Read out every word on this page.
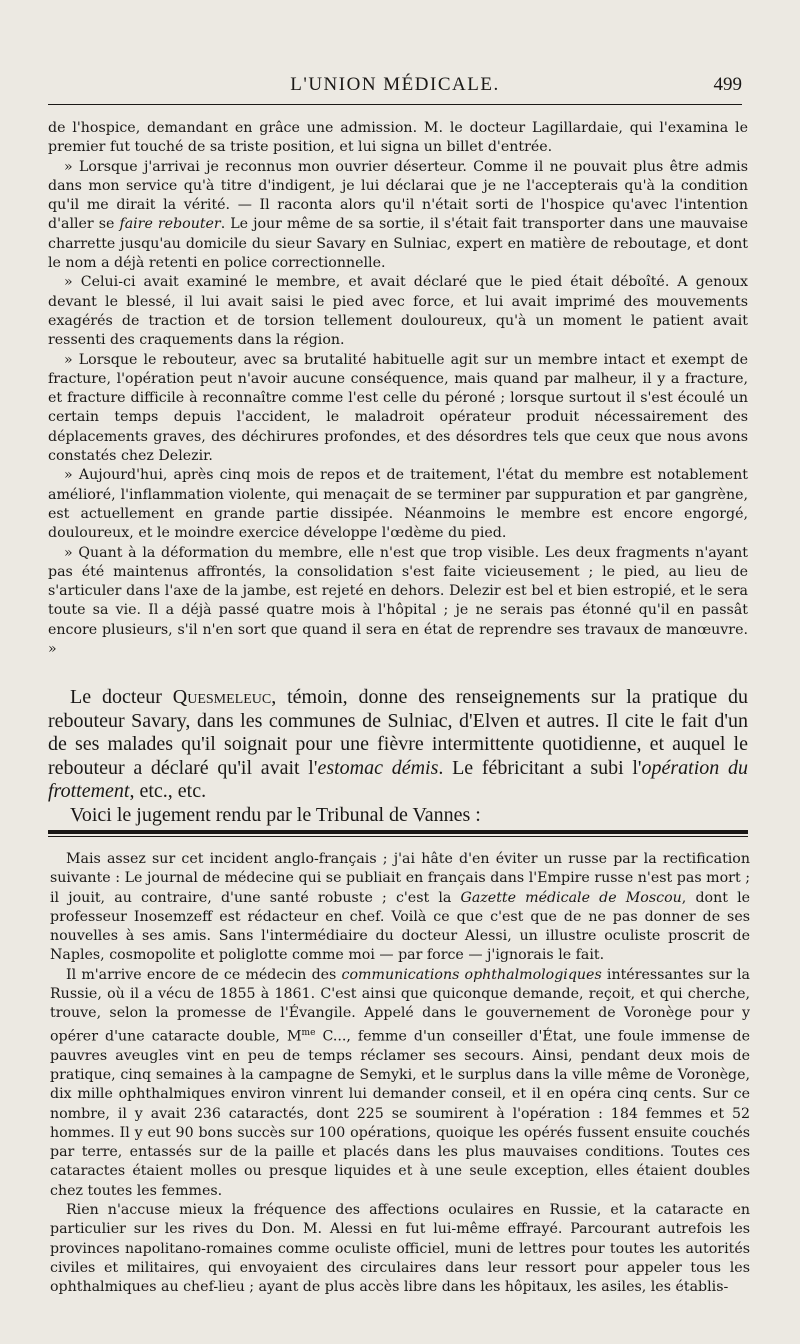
L'UNION MÉDICALE.	499

de l'hospice, demandant en grâce une admission. M. le docteur Lagillardaie, qui l'examina le premier fut touché de sa triste position, et lui signa un billet d'entrée.

» Lorsque j'arrivai je reconnus mon ouvrier déserteur. Comme il ne pouvait plus être admis dans mon service qu'à titre d'indigent, je lui déclarai que je ne l'accepterais qu'à la condition qu'il me dirait la vérité. — Il raconta alors qu'il n'était sorti de l'hospice qu'avec l'intention d'aller se faire rebouter. Le jour même de sa sortie, il s'était fait transporter dans une mauvaise charrette jusqu'au domicile du sieur Savary en Sulniac, expert en matière de reboutage, et dont le nom a déjà retenti en police correctionnelle.

» Celui-ci avait examiné le membre, et avait déclaré que le pied était déboîté. A genoux devant le blessé, il lui avait saisi le pied avec force, et lui avait imprimé des mouvements exagérés de traction et de torsion tellement douloureux, qu'à un moment le patient avait ressenti des craquements dans la région.

» Lorsque le rebouteur, avec sa brutalité habituelle agit sur un membre intact et exempt de fracture, l'opération peut n'avoir aucune conséquence, mais quand par malheur, il y a fracture, et fracture difficile à reconnaître comme l'est celle du péroné ; lorsque surtout il s'est écoulé un certain temps depuis l'accident, le maladroit opérateur produit nécessairement des déplacements graves, des déchirures profondes, et des désordres tels que ceux que nous avons constatés chez Delezir.

» Aujourd'hui, après cinq mois de repos et de traitement, l'état du membre est notablement amélioré, l'inflammation violente, qui menaçait de se terminer par suppuration et par gangrène, est actuellement en grande partie dissipée. Néanmoins le membre est encore engorgé, douloureux, et le moindre exercice développe l'œdème du pied.

» Quant à la déformation du membre, elle n'est que trop visible. Les deux fragments n'ayant pas été maintenus affrontés, la consolidation s'est faite vicieusement ; le pied, au lieu de s'articuler dans l'axe de la jambe, est rejeté en dehors. Delezir est bel et bien estropié, et le sera toute sa vie. Il a déjà passé quatre mois à l'hôpital ; je ne serais pas étonné qu'il en passât encore plusieurs, s'il n'en sort que quand il sera en état de reprendre ses travaux de manœuvre. »

Le docteur Quesmeleuc, témoin, donne des renseignements sur la pratique du rebouteur Savary, dans les communes de Sulniac, d'Elven et autres. Il cite le fait d'un de ses malades qu'il soignait pour une fièvre intermittente quotidienne, et auquel le rebouteur a déclaré qu'il avait l'estomac démis. Le fébricitant a subi l'opération du frottement, etc., etc.

Voici le jugement rendu par le Tribunal de Vannes :

Mais assez sur cet incident anglo-français ; j'ai hâte d'en éviter un russe par la rectification suivante : Le journal de médecine qui se publiait en français dans l'Empire russe n'est pas mort ; il jouit, au contraire, d'une santé robuste ; c'est la Gazette médicale de Moscou, dont le professeur Inosemzeff est rédacteur en chef. Voilà ce que c'est que de ne pas donner de ses nouvelles à ses amis. Sans l'intermédiaire du docteur Alessi, un illustre oculiste proscrit de Naples, cosmopolite et poliglotte comme moi — par force — j'ignorais le fait.

Il m'arrive encore de ce médecin des communications ophthalmologiques intéressantes sur la Russie, où il a vécu de 1855 à 1861. C'est ainsi que quiconque demande, reçoit, et qui cherche, trouve, selon la promesse de l'Évangile. Appelé dans le gouvernement de Voronège pour y opérer d'une cataracte double, $M^{me}$ C..., femme d'un conseiller d'État, une foule immense de pauvres aveugles vint en peu de temps réclamer ses secours. Ainsi, pendant deux mois de pratique, cinq semaines à la campagne de Semyki, et le surplus dans la ville même de Voronège, dix mille ophthalmiques environ vinrent lui demander conseil, et il en opéra cinq cents. Sur ce nombre, il y avait 236 cataractés, dont 225 se soumirent à l'opération : 184 femmes et 52 hommes. Il y eut 90 bons succès sur 100 opérations, quoique les opérés fussent ensuite couchés par terre, entassés sur de la paille et placés dans les plus mauvaises conditions. Toutes ces cataractes étaient molles ou presque liquides et à une seule exception, elles étaient doubles chez toutes les femmes.

Rien n'accuse mieux la fréquence des affections oculaires en Russie, et la cataracte en particulier sur les rives du Don. M. Alessi en fut lui-même effrayé. Parcourant autrefois les provinces napolitano-romaines comme oculiste officiel, muni de lettres pour toutes les autorités civiles et militaires, qui envoyaient des circulaires dans leur ressort pour appeler tous les ophthalmiques au chef-lieu ; ayant de plus accès libre dans les hôpitaux, les asiles, les établis-
